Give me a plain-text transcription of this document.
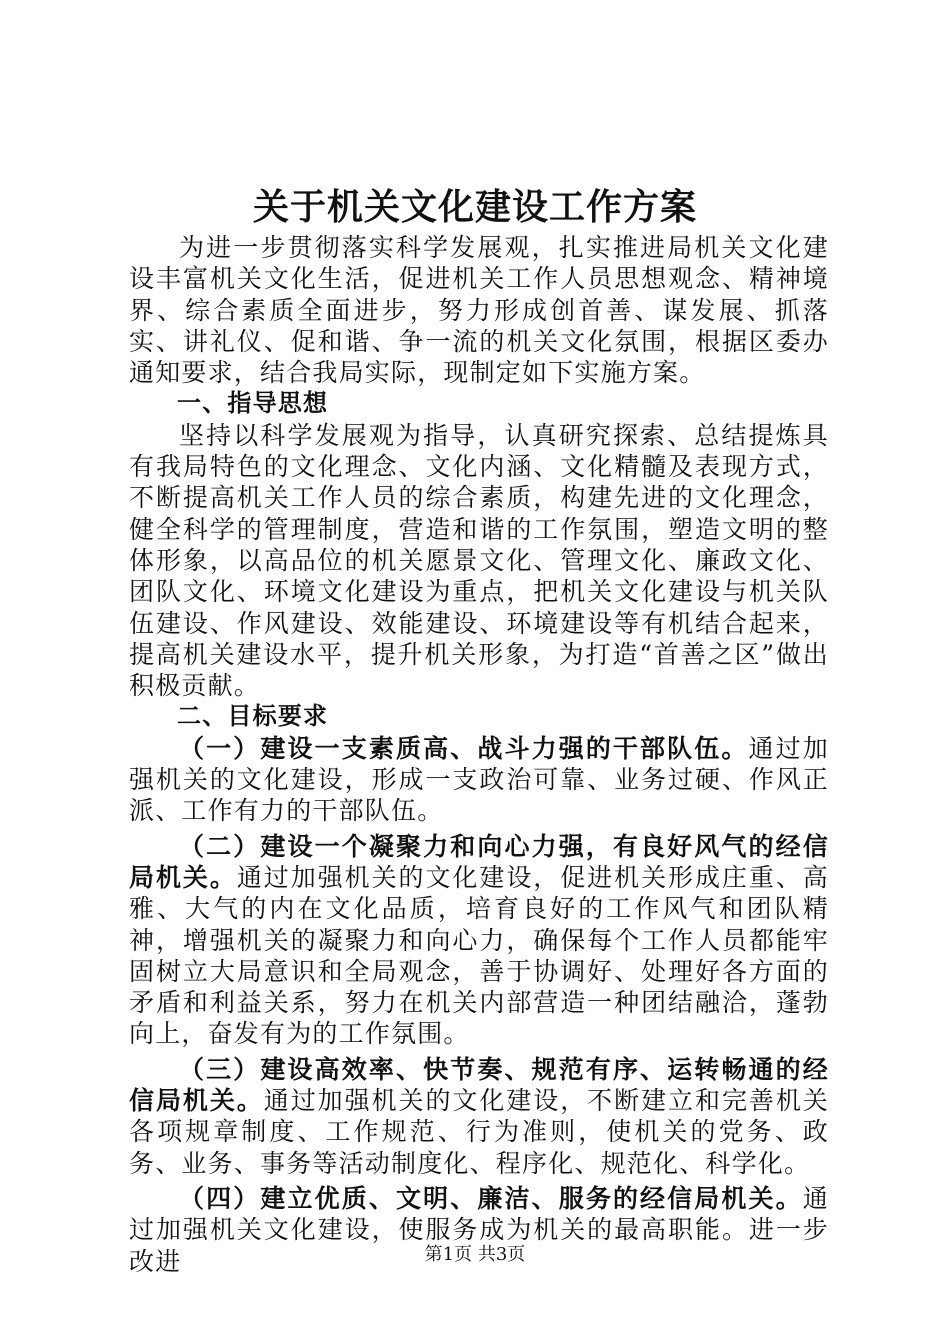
关于机关文化建设工作方案

为进一步贯彻落实科学发展观，扎实推进局机关文化建设丰富机关文化生活，促进机关工作人员思想观念、精神境界、综合素质全面进步，努力形成创首善、谋发展、抓落实、讲礼仪、促和谐、争一流的机关文化氛围，根据区委办通知要求，结合我局实际，现制定如下实施方案。

一、指导思想

坚持以科学发展观为指导，认真研究探索、总结提炼具有我局特色的文化理念、文化内涵、文化精髓及表现方式，不断提高机关工作人员的综合素质，构建先进的文化理念，健全科学的管理制度，营造和谐的工作氛围，塑造文明的整体形象，以高品位的机关愿景文化、管理文化、廉政文化、团队文化、环境文化建设为重点，把机关文化建设与机关队伍建设、作风建设、效能建设、环境建设等有机结合起来，提高机关建设水平，提升机关形象，为打造“首善之区”做出积极贡献。

二、目标要求

（一）建设一支素质高、战斗力强的干部队伍。通过加强机关的文化建设，形成一支政治可靠、业务过硬、作风正派、工作有力的干部队伍。

（二）建设一个凝聚力和向心力强，有良好风气的经信局机关。通过加强机关的文化建设，促进机关形成庄重、高雅、大气的内在文化品质，培育良好的工作风气和团队精神，增强机关的凝聚力和向心力，确保每个工作人员都能牢固树立大局意识和全局观念，善于协调好、处理好各方面的矛盾和利益关系，努力在机关内部营造一种团结融洽，蓬勃向上，奋发有为的工作氛围。

（三）建设高效率、快节奏、规范有序、运转畅通的经信局机关。通过加强机关的文化建设，不断建立和完善机关各项规章制度、工作规范、行为准则，使机关的党务、政务、业务、事务等活动制度化、程序化、规范化、科学化。

（四）建立优质、文明、廉洁、服务的经信局机关。通过加强机关文化建设，使服务成为机关的最高职能。进一步改进	第1页 共3页
